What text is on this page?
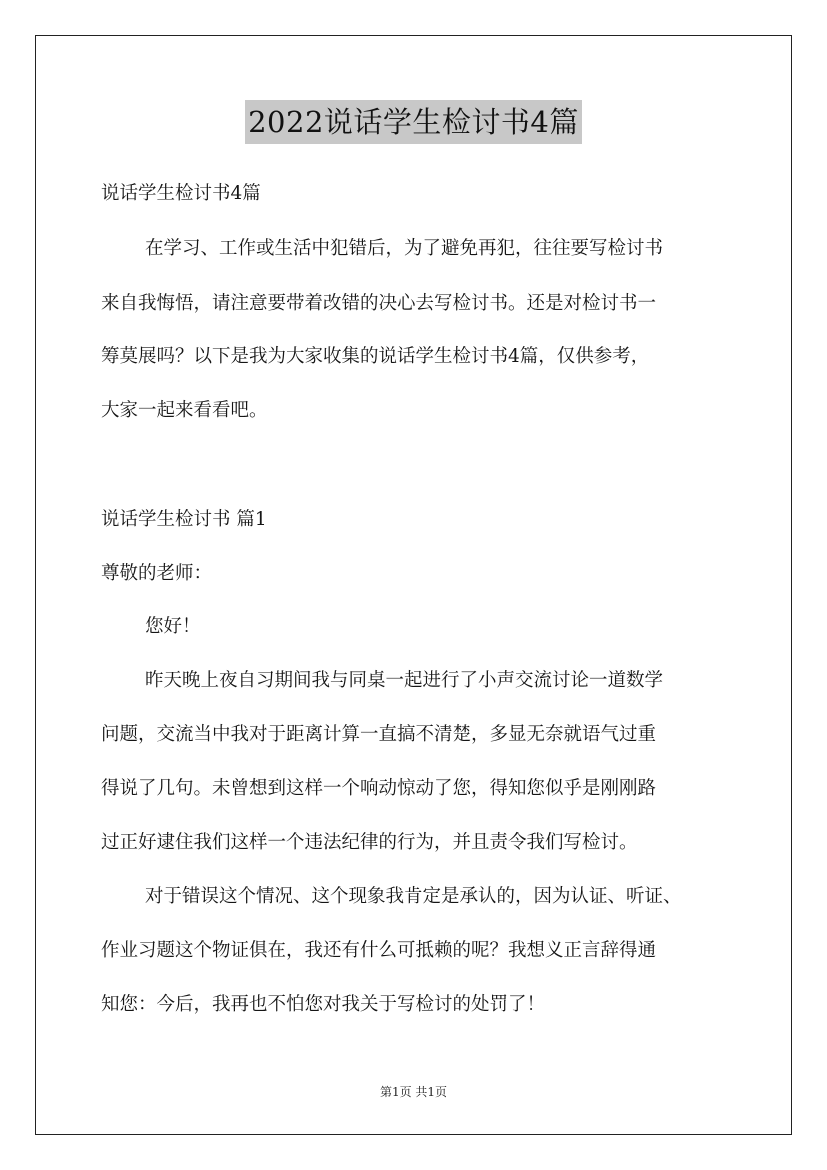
2022说话学生检讨书4篇
说话学生检讨书4篇
在学习、工作或生活中犯错后，为了避免再犯，往往要写检讨书
来自我悔悟，请注意要带着改错的决心去写检讨书。还是对检讨书一
筹莫展吗？以下是我为大家收集的说话学生检讨书4篇，仅供参考，
大家一起来看看吧。
说话学生检讨书 篇1
尊敬的老师：
您好！
昨天晚上夜自习期间我与同桌一起进行了小声交流讨论一道数学
问题，交流当中我对于距离计算一直搞不清楚，多显无奈就语气过重
得说了几句。未曾想到这样一个响动惊动了您，得知您似乎是刚刚路
过正好逮住我们这样一个违法纪律的行为，并且责令我们写检讨。
对于错误这个情况、这个现象我肯定是承认的，因为认证、听证、
作业习题这个物证俱在，我还有什么可抵赖的呢？我想义正言辞得通
知您：今后，我再也不怕您对我关于写检讨的处罚了！
第1页 共1页
